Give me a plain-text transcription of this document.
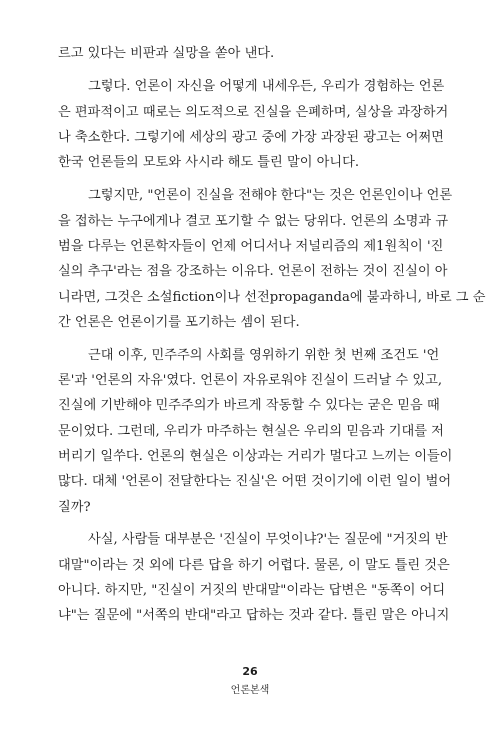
르고 있다는 비판과 실망을 쏟아 낸다.
그렇다. 언론이 자신을 어떻게 내세우든, 우리가 경험하는 언론
은 편파적이고 때로는 의도적으로 진실을 은폐하며, 실상을 과장하거
나 축소한다. 그렇기에 세상의 광고 중에 가장 과장된 광고는 어쩌면
한국 언론들의 모토와 사시라 해도 틀린 말이 아니다.
그렇지만, "언론이 진실을 전해야 한다"는 것은 언론인이나 언론
을 접하는 누구에게나 결코 포기할 수 없는 당위다. 언론의 소명과 규
범을 다루는 언론학자들이 언제 어디서나 저널리즘의 제1원칙이 '진
실의 추구'라는 점을 강조하는 이유다. 언론이 전하는 것이 진실이 아
니라면, 그것은 소설fiction이나 선전propaganda에 불과하니, 바로 그 순
간 언론은 언론이기를 포기하는 셈이 된다.
근대 이후, 민주주의 사회를 영위하기 위한 첫 번째 조건도 '언
론'과 '언론의 자유'였다. 언론이 자유로워야 진실이 드러날 수 있고,
진실에 기반해야 민주주의가 바르게 작동할 수 있다는 굳은 믿음 때
문이었다. 그런데, 우리가 마주하는 현실은 우리의 믿음과 기대를 저
버리기 일쑤다. 언론의 현실은 이상과는 거리가 멀다고 느끼는 이들이
많다. 대체 '언론이 전달한다는 진실'은 어떤 것이기에 이런 일이 벌어
질까?
사실, 사람들 대부분은 '진실이 무엇이냐?'는 질문에 "거짓의 반
대말"이라는 것 외에 다른 답을 하기 어렵다. 물론, 이 말도 틀린 것은
아니다. 하지만, "진실이 거짓의 반대말"이라는 답변은 "동쪽이 어디
냐"는 질문에 "서쪽의 반대"라고 답하는 것과 같다. 틀린 말은 아니지
26
언론본색
